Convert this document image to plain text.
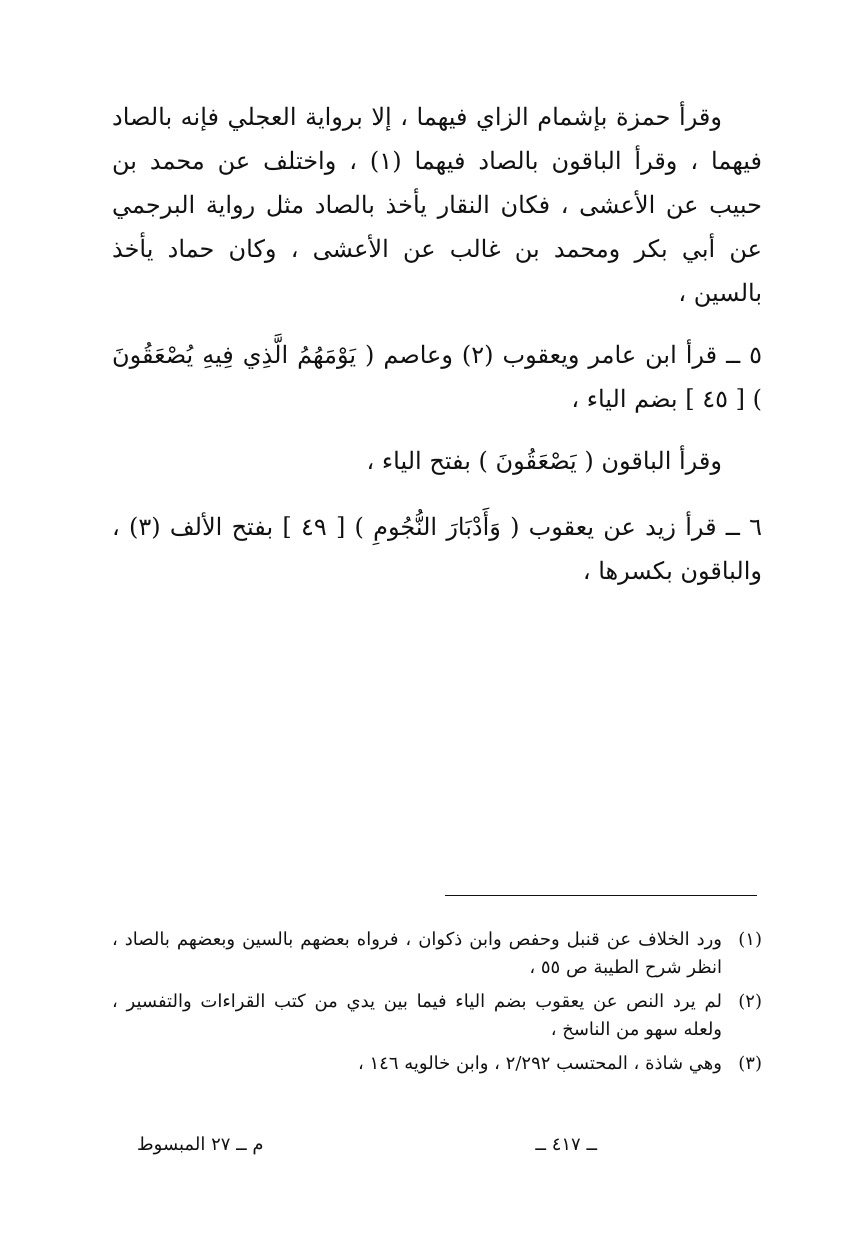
وقرأ حمزة بإشمام الزاي فيهما ، إلا برواية العجلي فإنه بالصاد فيهما ، وقرأ الباقون بالصاد فيهما (١) ، واختلف عن محمد بن حبيب عن الأعشى ، فكان النقار يأخذ بالصاد مثل رواية البرجمي عن أبي بكر ومحمد بن غالب عن الأعشى ، وكان حماد يأخذ بالسين ،

٥ ــ قرأ ابن عامر ويعقوب (٢) وعاصم ( يَوْمَهُمُ الَّذِي فِيهِ يُصْعَقُونَ ) [ ٤٥ ] بضم الياء ،

وقرأ الباقون ( يَصْعَقُونَ ) بفتح الياء ،

٦ ــ قرأ زيد عن يعقوب ( وَأَدْبَارَ النُّجُومِ ) [ ٤٩ ] بفتح الألف (٣) ، والباقون بكسرها ،

(١)
ورد الخلاف عن قنبل وحفص وابن ذكوان ، فرواه بعضهم بالسين وبعضهم بالصاد ، انظر شرح الطيبة ص ٥٥ ،
(٢)
لم يرد النص عن يعقوب بضم الياء فيما بين يدي من كتب القراءات والتفسير ، ولعله سهو من الناسخ ،
(٣)
وهي شاذة ، المحتسب ٢/٢٩٢ ، وابن خالويه ١٤٦ ،
ــ ٤١٧ ــ
م ــ ٢٧ المبسوط
